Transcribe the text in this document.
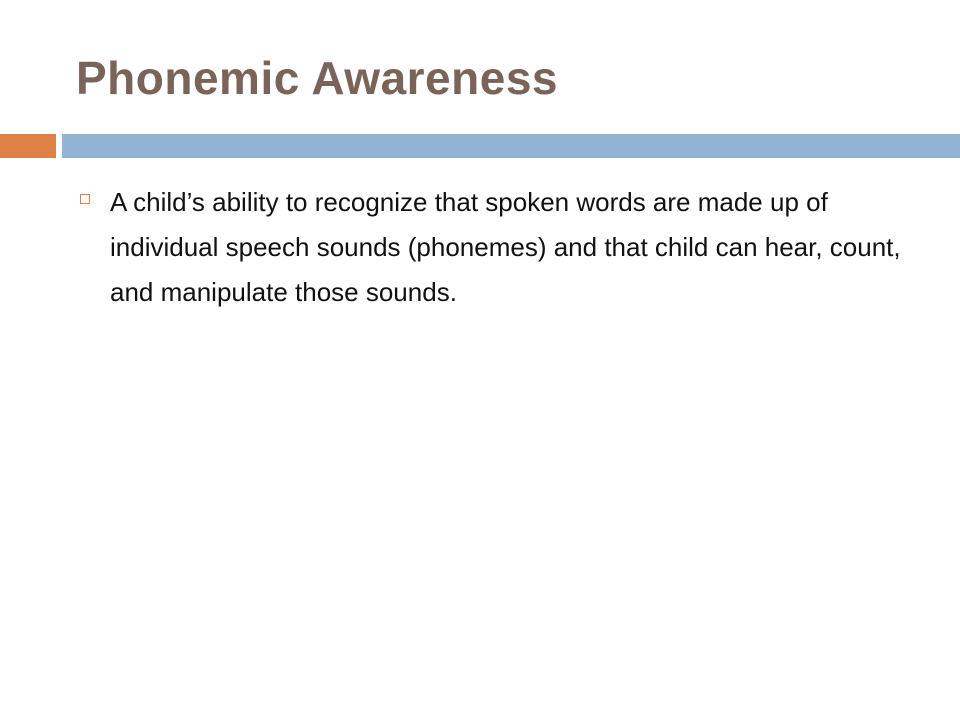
Phonemic Awareness
A child’s ability to recognize that spoken words are made up of individual speech sounds (phonemes) and that child can hear, count, and manipulate those sounds.
